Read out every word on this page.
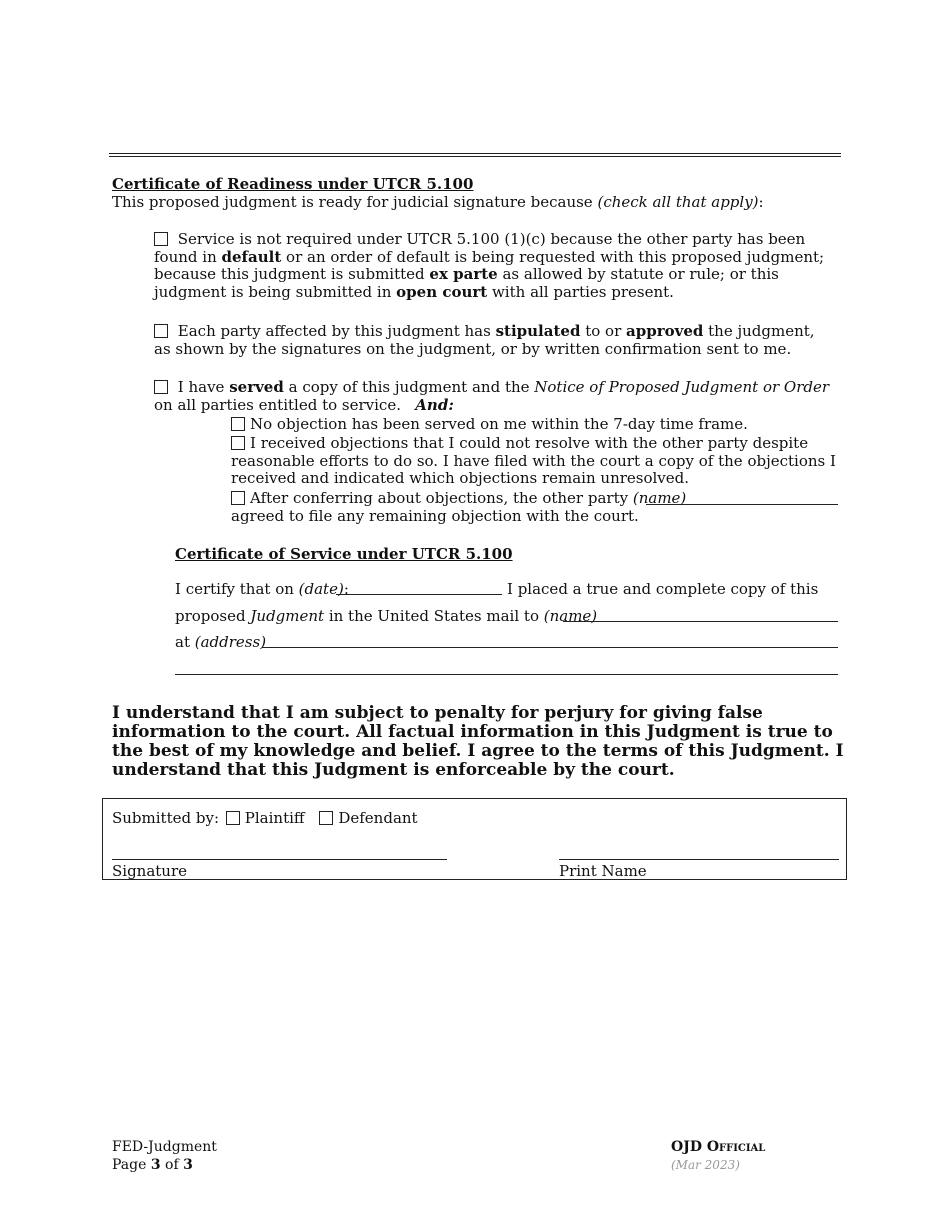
Certificate of Readiness under UTCR 5.100
This proposed judgment is ready for judicial signature because (check all that apply):
Service is not required under UTCR 5.100 (1)(c) because the other party has been found in default or an order of default is being requested with this proposed judgment; because this judgment is submitted ex parte as allowed by statute or rule; or this judgment is being submitted in open court with all parties present.
Each party affected by this judgment has stipulated to or approved the judgment, as shown by the signatures on the judgment, or by written confirmation sent to me.
I have served a copy of this judgment and the Notice of Proposed Judgment or Order on all parties entitled to service. And:
No objection has been served on me within the 7-day time frame.
I received objections that I could not resolve with the other party despite reasonable efforts to do so. I have filed with the court a copy of the objections I received and indicated which objections remain unresolved.
After conferring about objections, the other party (name)
agreed to file any remaining objection with the court.
Certificate of Service under UTCR 5.100
I certify that on (date):	I placed a true and complete copy of this
proposed Judgment in the United States mail to (name)
at (address)
I understand that I am subject to penalty for perjury for giving false information to the court. All factual information in this Judgment is true to the best of my knowledge and belief. I agree to the terms of this Judgment. I understand that this Judgment is enforceable by the court.
Submitted by: Plaintiff Defendant
Signature	Print Name
FED-Judgment
Page 3 of 3
OJD Official
(Mar 2023)
